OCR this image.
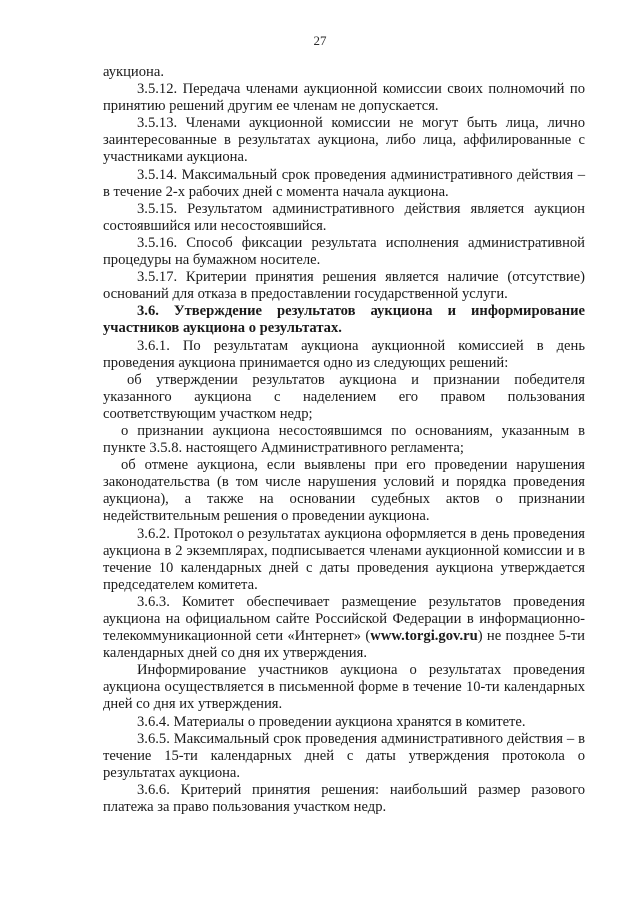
27

аукциона.

3.5.12. Передача членами аукционной комиссии своих полномочий по принятию решений другим ее членам не допускается.

3.5.13. Членами аукционной комиссии не могут быть лица, лично заинтересованные в результатах аукциона, либо лица, аффилированные с участниками аукциона.

3.5.14. Максимальный срок проведения административного действия – в течение 2-х рабочих дней с момента начала аукциона.

3.5.15. Результатом административного действия является аукцион состоявшийся или несостоявшийся.

3.5.16. Способ фиксации результата исполнения административной процедуры на бумажном носителе.

3.5.17. Критерии принятия решения является наличие (отсутствие) оснований для отказа в предоставлении государственной услуги.

3.6. Утверждение результатов аукциона и информирование участников аукциона о результатах.

3.6.1. По результатам аукциона аукционной комиссией в день проведения аукциона принимается одно из следующих решений:

об утверждении результатов аукциона и признании победителя указанного аукциона с наделением его правом пользования соответствующим участком недр;

о признании аукциона несостоявшимся по основаниям, указанным в пункте 3.5.8. настоящего Административного регламента;

об отмене аукциона, если выявлены при его проведении нарушения законодательства (в том числе нарушения условий и порядка проведения аукциона), а также на основании судебных актов о признании недействительным решения о проведении аукциона.

3.6.2. Протокол о результатах аукциона оформляется в день проведения аукциона в 2 экземплярах, подписывается членами аукционной комиссии и в течение 10 календарных дней с даты проведения аукциона утверждается председателем комитета.

3.6.3. Комитет обеспечивает размещение результатов проведения аукциона на официальном сайте Российской Федерации в информационно-телекоммуникационной сети «Интернет» (www.torgi.gov.ru) не позднее 5-ти календарных дней со дня их утверждения.

Информирование участников аукциона о результатах проведения аукциона осуществляется в письменной форме в течение 10-ти календарных дней со дня их утверждения.

3.6.4. Материалы о проведении аукциона хранятся в комитете.

3.6.5. Максимальный срок проведения административного действия – в течение 15-ти календарных дней с даты утверждения протокола о результатах аукциона.

3.6.6. Критерий принятия решения: наибольший размер разового платежа за право пользования участком недр.
